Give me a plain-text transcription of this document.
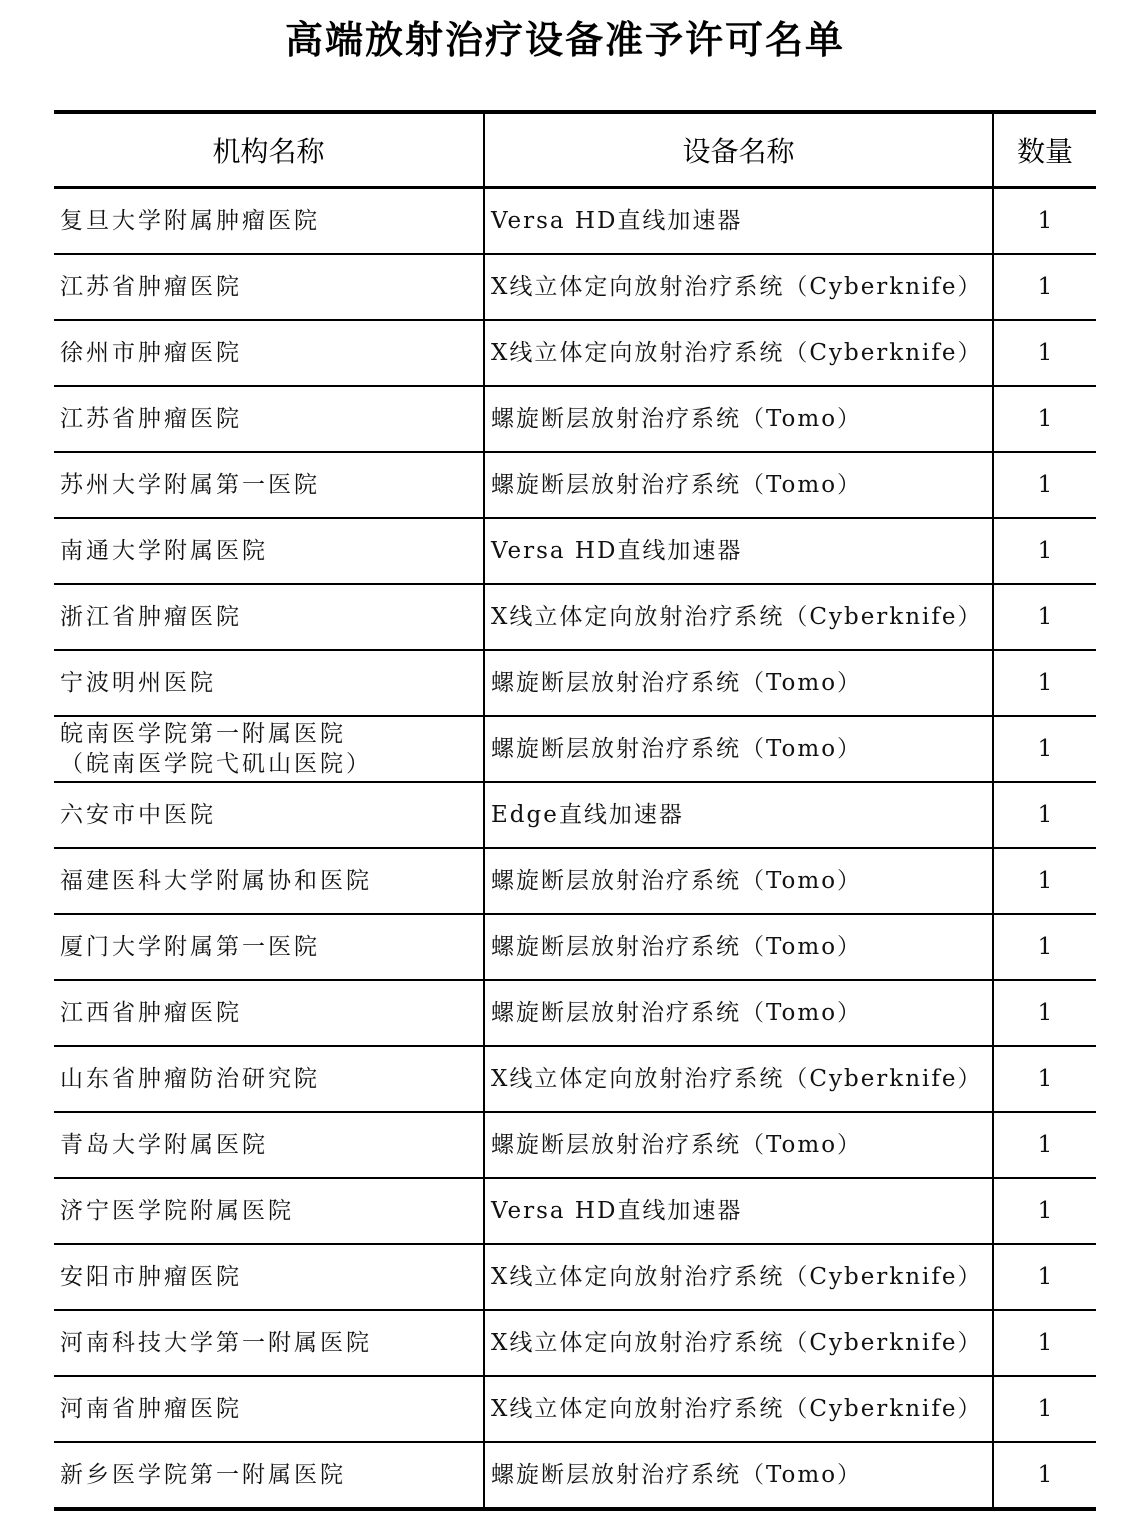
高端放射治疗设备准予许可名单
机构名称	设备名称	数量

复旦大学附属肿瘤医院	Versa HD直线加速器	1

江苏省肿瘤医院	X线立体定向放射治疗系统（Cyberknife）	1

徐州市肿瘤医院	X线立体定向放射治疗系统（Cyberknife）	1

江苏省肿瘤医院	螺旋断层放射治疗系统（Tomo）	1

苏州大学附属第一医院	螺旋断层放射治疗系统（Tomo）	1

南通大学附属医院	Versa HD直线加速器	1

浙江省肿瘤医院	X线立体定向放射治疗系统（Cyberknife）	1

宁波明州医院	螺旋断层放射治疗系统（Tomo）	1

皖南医学院第一附属医院
（皖南医学院弋矶山医院）	螺旋断层放射治疗系统（Tomo）	1

六安市中医院	Edge直线加速器	1

福建医科大学附属协和医院	螺旋断层放射治疗系统（Tomo）	1

厦门大学附属第一医院	螺旋断层放射治疗系统（Tomo）	1

江西省肿瘤医院	螺旋断层放射治疗系统（Tomo）	1

山东省肿瘤防治研究院	X线立体定向放射治疗系统（Cyberknife）	1

青岛大学附属医院	螺旋断层放射治疗系统（Tomo）	1

济宁医学院附属医院	Versa HD直线加速器	1

安阳市肿瘤医院	X线立体定向放射治疗系统（Cyberknife）	1

河南科技大学第一附属医院	X线立体定向放射治疗系统（Cyberknife）	1

河南省肿瘤医院	X线立体定向放射治疗系统（Cyberknife）	1

新乡医学院第一附属医院	螺旋断层放射治疗系统（Tomo）	1
